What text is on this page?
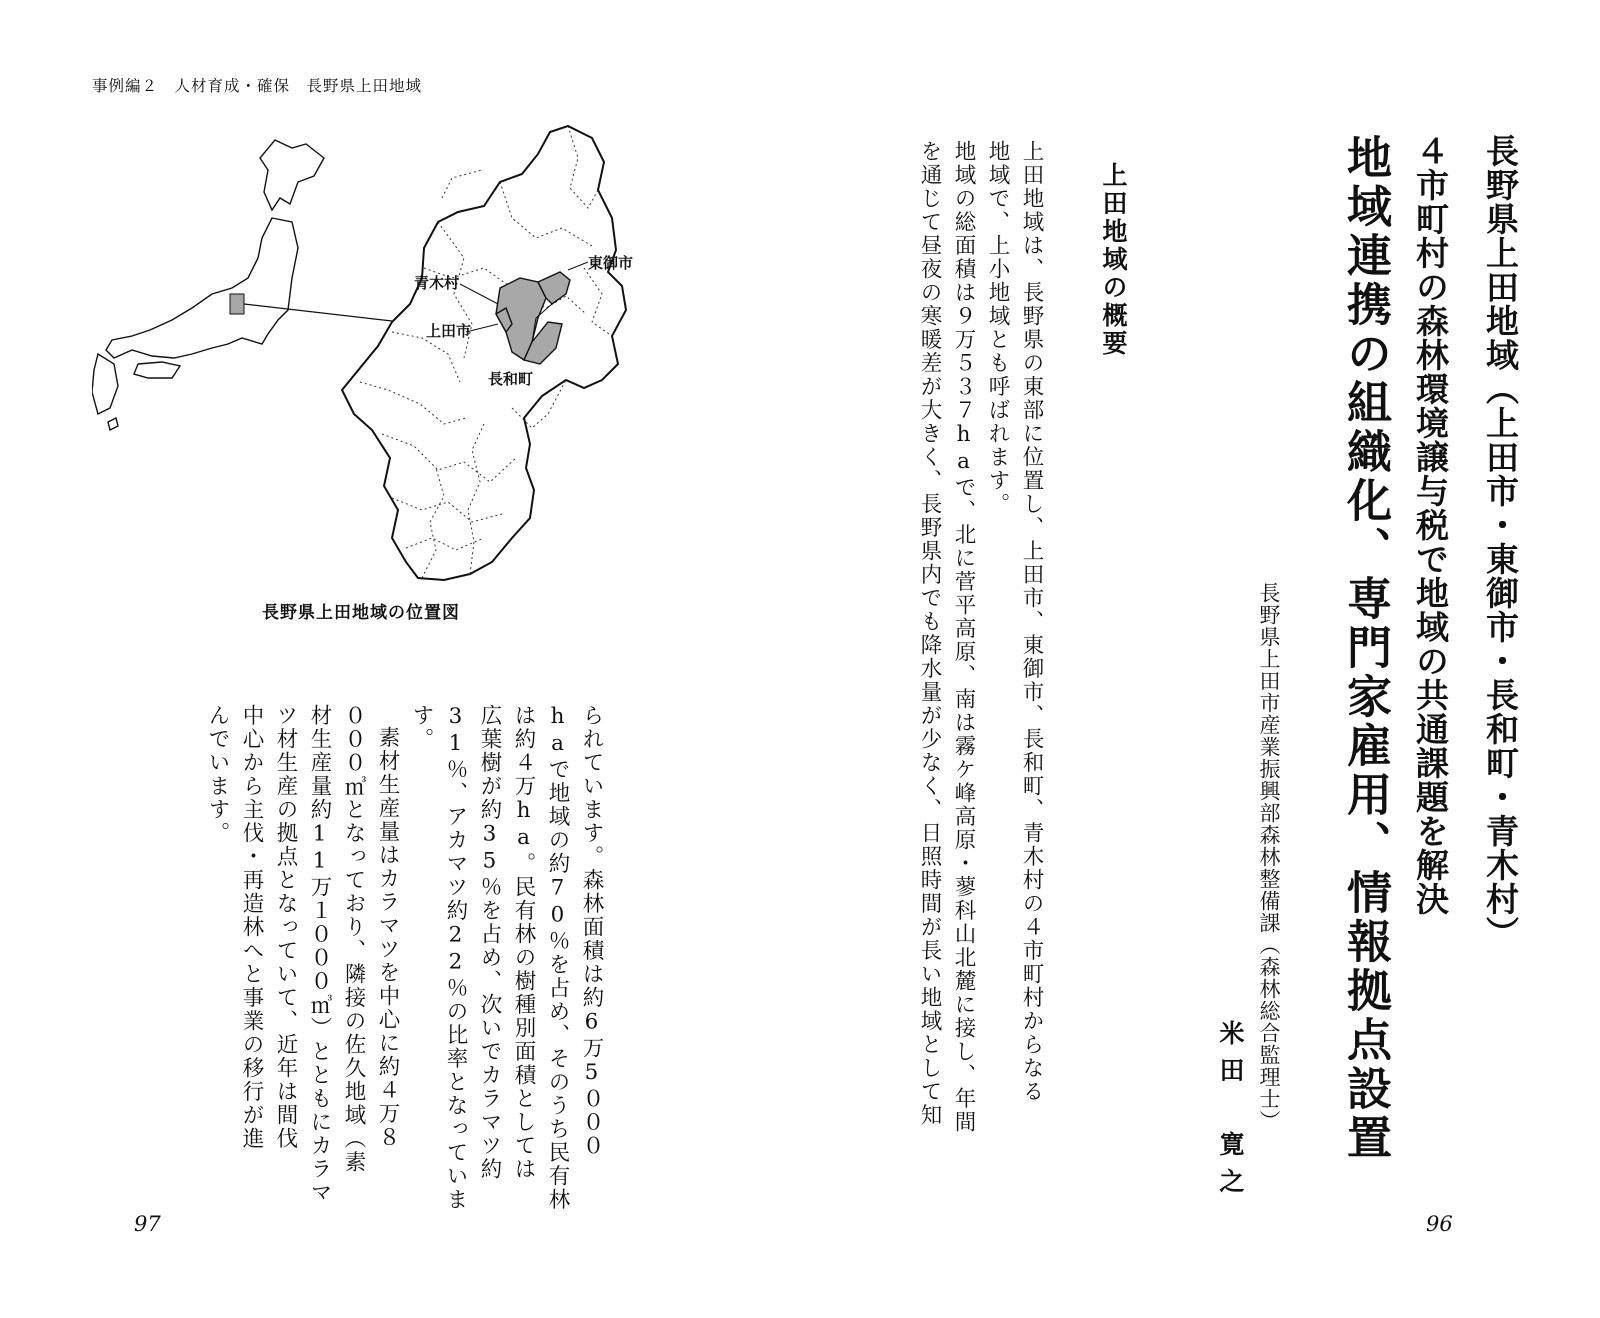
事例編２　人材育成・確保　長野県上田地域
97	96
長野県上田地域（上田市・東御市・長和町・青木村）
４市町村の森林環境譲与税で地域の共通課題を解決
地域連携の組織化、専門家雇用、情報拠点設置
長野県上田市産業振興部森林整備課（森林総合監理士）
米田　寛之
上田地域の概要
上田地域は、長野県の東部に位置し、上田市、東御市、長和町、青木村の４市町村からなる
地域で、上小地域とも呼ばれます。
地域の総面積は９万５３７haで、北に菅平高原、南は霧ケ峰高原・蓼科山北麓に接し、年間
を通じて昼夜の寒暖差が大きく、長野県内でも降水量が少なく、日照時間が長い地域として知
られています。森林面積は約6万5０００
haで地域の約70％を占め、そのうち民有林
は約４万ha。民有林の樹種別面積としては
広葉樹が約35％を占め、次いでカラマツ約
31％、アカマツ約22％の比率となっていま
す。
素材生産量はカラマツを中心に約４万８
０００㎥となっており、隣接の佐久地域（素
材生産量約11万１０００㎥）とともにカラマ
ツ材生産の拠点となっていて、近年は間伐
中心から主伐・再造林へと事業の移行が進
んでいます。
東御市
青木村
上田市
長和町
長野県上田地域の位置図
